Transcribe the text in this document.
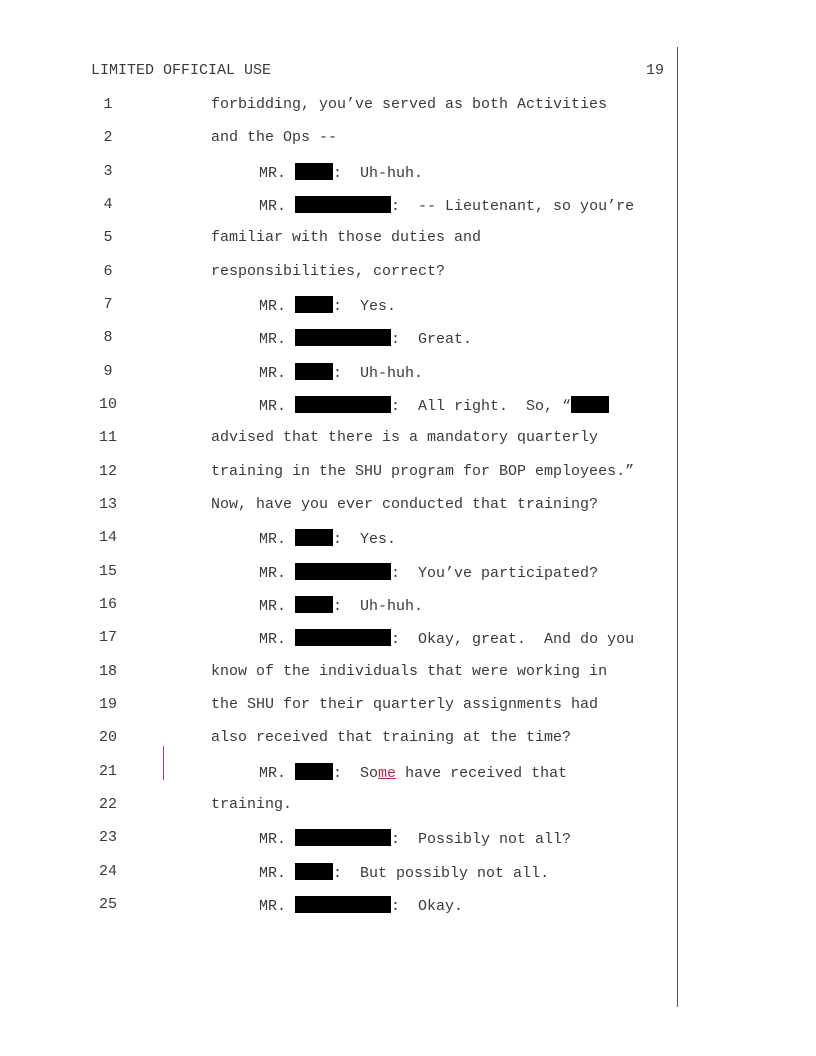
LIMITED OFFICIAL USE	19
1	forbidding, you’ve served as both Activities
2	and the Ops --
3	MR.	:  Uh-huh.
4	MR.	:  -- Lieutenant, so you’re
5	familiar with those duties and
6	responsibilities, correct?
7	MR.	:  Yes.
8	MR.	:  Great.
9	MR.	:  Uh-huh.
10	MR.	:  All right.  So, “
11	advised that there is a mandatory quarterly
12	training in the SHU program for BOP employees.”
13	Now, have you ever conducted that training?
14	MR.	:  Yes.
15	MR.	:  You’ve participated?
16	MR.	:  Uh-huh.
17	MR.	:  Okay, great.  And do you
18	know of the individuals that were working in
19	the SHU for their quarterly assignments had
20	also received that training at the time?
21	MR.	:  Some have received that
22	training.
23	MR.	:  Possibly not all?
24	MR.	:  But possibly not all.
25	MR.	:  Okay.
